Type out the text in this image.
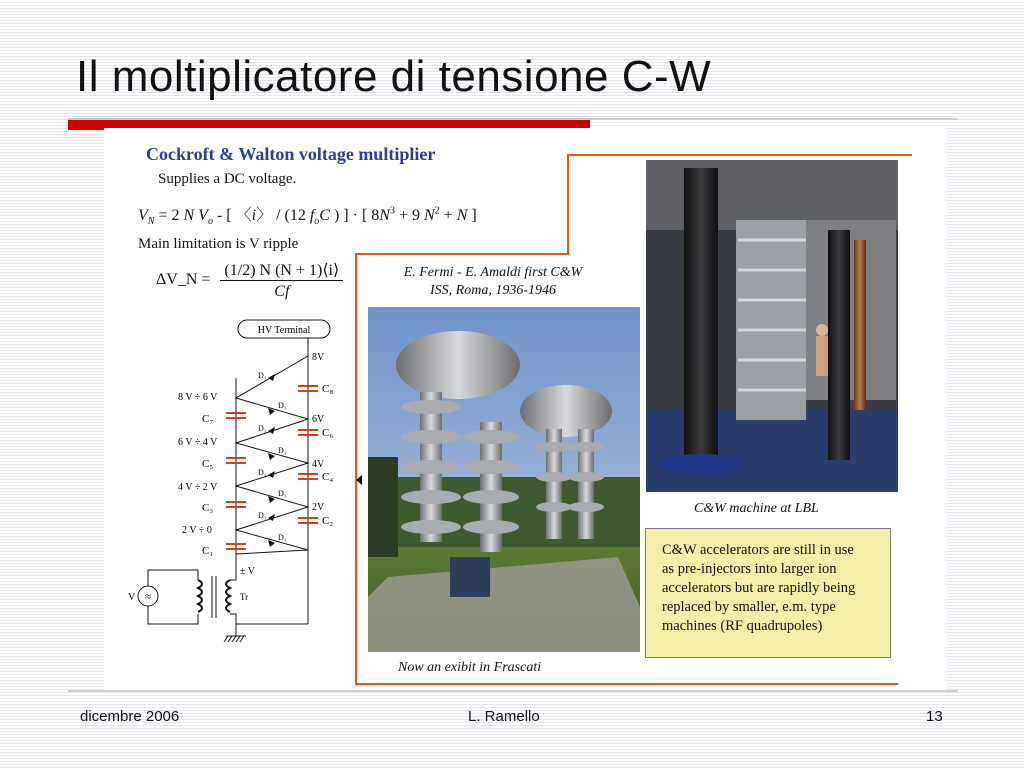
Il moltiplicatore di tensione C-W
Cockroft & Walton voltage multiplier
Supplies a DC voltage.
$V_N = 2$ N $V_o$ - [ 〈i〉 / (12 $f_oC$ ) ] · [ $8N^3 + 9$ $N^2 + N$ ]
Main limitation is V ripple
ΔV_N = $\frac{(1/2) N (N + 1)⟨i⟩}{Cf}$
HV Terminal
D₁
D₁
D₁
D₁
D₁
D₁
D₁
D₁
8V
6V
4V
2V
C₈
C₆
C₄
C₂
8 V ÷ 6 V
6 V ÷ 4 V
4 V ÷ 2 V
2 V ÷ 0
C₇
C₅
C₃
C₁
± V
≈
V	Tr
E. Fermi - E. Amaldi first C&W
ISS, Roma, 1936-1946
Now an exibit in Frascati
C&W machine at LBL
C&W accelerators are still in use
as pre-injectors into larger ion
accelerators but are rapidly being
replaced by smaller, e.m. type
machines (RF quadrupoles)
dicembre 2006	L. Ramello	13
